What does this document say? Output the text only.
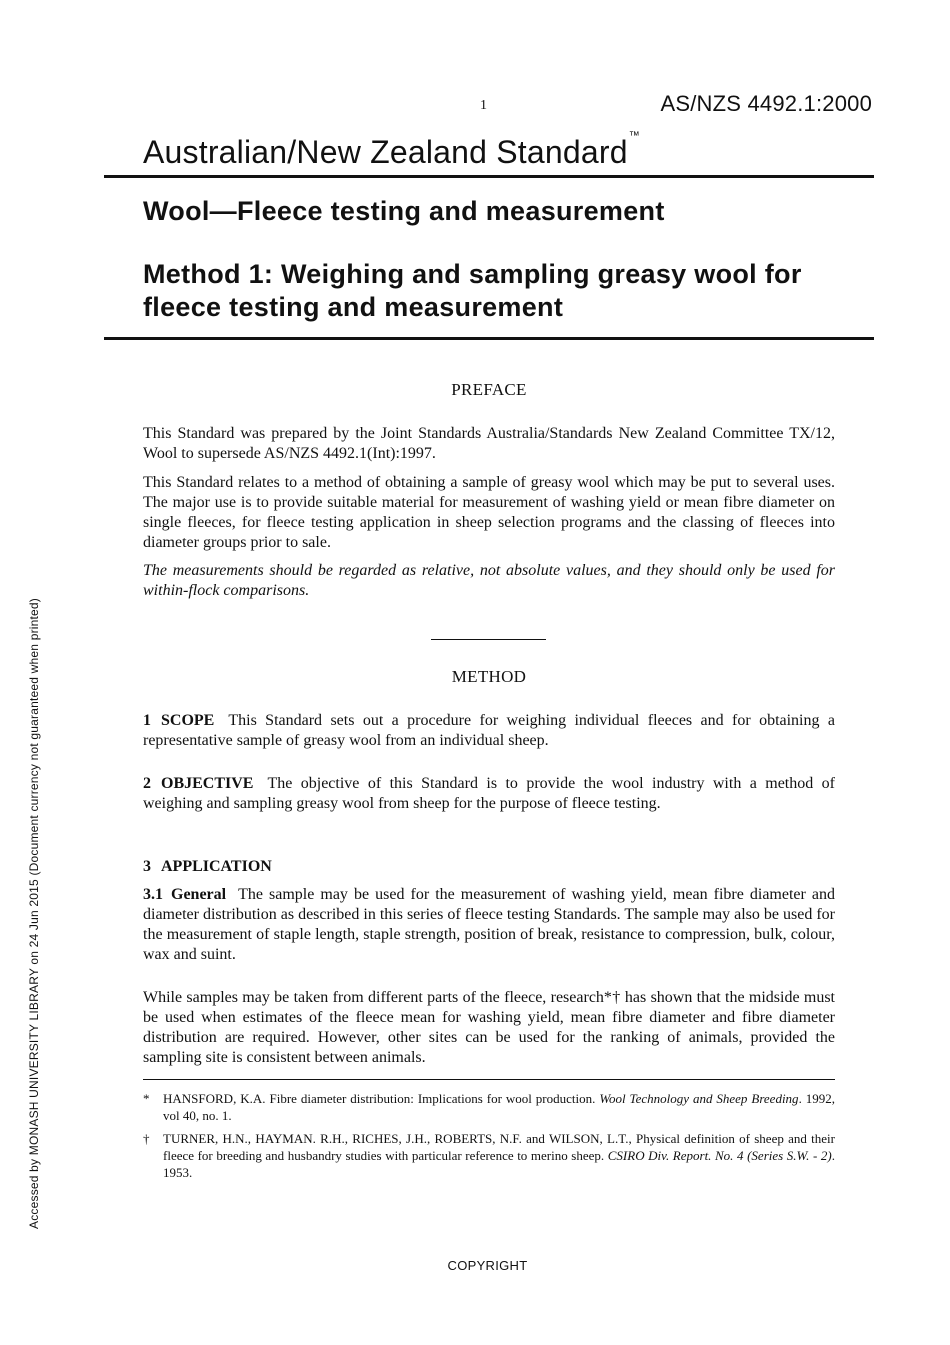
1	AS/NZS 4492.1:2000
Australian/New Zealand Standard™
Wool—Fleece testing and measurement
Method 1: Weighing and sampling greasy wool for fleece testing and measurement
PREFACE
This Standard was prepared by the Joint Standards Australia/Standards New Zealand Committee TX/12, Wool to supersede AS/NZS 4492.1(Int):1997.
This Standard relates to a method of obtaining a sample of greasy wool which may be put to several uses. The major use is to provide suitable material for measurement of washing yield or mean fibre diameter on single fleeces, for fleece testing application in sheep selection programs and the classing of fleeces into diameter groups prior to sale.
The measurements should be regarded as relative, not absolute values, and they should only be used for within-flock comparisons.
METHOD
1 SCOPE This Standard sets out a procedure for weighing individual fleeces and for obtaining a representative sample of greasy wool from an individual sheep.
2 OBJECTIVE The objective of this Standard is to provide the wool industry with a method of weighing and sampling greasy wool from sheep for the purpose of fleece testing.
3 APPLICATION
3.1 General The sample may be used for the measurement of washing yield, mean fibre diameter and diameter distribution as described in this series of fleece testing Standards. The sample may also be used for the measurement of staple length, staple strength, position of break, resistance to compression, bulk, colour, wax and suint.
While samples may be taken from different parts of the fleece, research*† has shown that the midside must be used when estimates of the fleece mean for washing yield, mean fibre diameter and fibre diameter distribution are required. However, other sites can be used for the ranking of animals, provided the sampling site is consistent between animals.
* HANSFORD, K.A. Fibre diameter distribution: Implications for wool production. Wool Technology and Sheep Breeding. 1992, vol 40, no. 1.
† TURNER, H.N., HAYMAN. R.H., RICHES, J.H., ROBERTS, N.F. and WILSON, L.T., Physical definition of sheep and their fleece for breeding and husbandry studies with particular reference to merino sheep. CSIRO Div. Report. No. 4 (Series S.W. - 2). 1953.
Accessed by MONASH UNIVERSITY LIBRARY on 24 Jun 2015 (Document currency not guaranteed when printed)
COPYRIGHT
